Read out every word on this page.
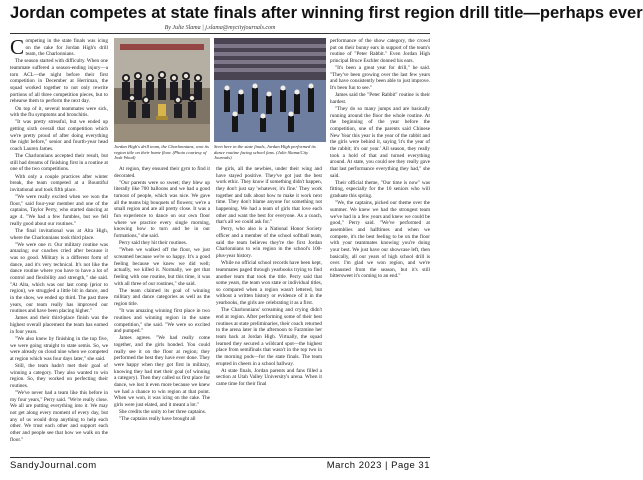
Jordan competes at state finals after winning first region drill title—perhaps ever
By Julie Slama | j.slama@mycityjournals.com

Competing in the state finals was icing on the cake for Jordan High's drill team, the Charlonnians.

The season started with difficulty. When one teammate suffered a season-ending injury—a torn ACL—the night before their first competition in December at Herriman, the squad worked together to not only rewrite portions of all three competition pieces, but to rehearse them to perform the next day.

On top of it, several teammates were sick, with the flu symptoms and bronchitis.

"It was pretty stressful, but we ended up getting sixth overall that competition which we're pretty proud of after doing everything the night before," senior and fourth-year head coach Lauren James.

The Charlonnians accepted their result, but still had dreams of finishing first in a routine at one of the two competitions.

With only a couple practices after winter break, the team competed at a Bountiful invitational and took fifth place.

"We were really excited when we won the floor," said four-year member and one of the captains, Taylor Perry, who started dancing at age 4. "We had a few fumbles, but we fell really good about our routines."

The final invitational was at Alta High, where the Charlonnians took third place.

"We were one rr. Our military routine was amazing; our coaches cried after because it was so good. Military is a different form of dance, and it's very technical. It's not like the dance routine where you have to have a lot of control and flexibility and strength," she said. "At Alta, which was our last comp (prior to region), we struggled a little bit in dance, and in the show, we ended up third. The past three years, our team really has improved our routines and have been placing higher."

James and their third-place finish was the highest overall placement the team has earned in four years.

"We also knew by finishing in the top five, we were going straight to state semis. So, we were already on cloud nine when we competed at region which was four days later," she said.

Still, the team hadn't met their goal of winning a category. They also wanted to win region. So, they worked on perfecting their routines.

"We've never had a team like this before in my four years," Perry said. "We're really close. We all are putting everything into it. We may not get along every moment of every day, but any of us would drop anything to help each other. We trust each other and support each other and people see that how we walk on the floor."

Jordan High's drill team, the Charlonnians, won its region title on their home floor. (Photo courtesy of Josh Wood)
Seen here in the state finals, Jordan High performed its dance routine facing school fans. (Julie Slama/City Journals)

At region, they ensured their gym to find it decorated.

"Our parents were so sweet; they blew up literally like 700 balloons and we had a good turnout of people, which was nice. We gave all the teams big bouquets of flowers; we're a small region and are all pretty close. It was a fun experience to dance on our own floor where we practice every single morning, knowing how to turn and be in our formations," she said.

Perry said they hit their routines.

"When we walked off the floor, we just screamed because we're so happy. It's a good feeling because we knew we did well; actually, we killed it. Normally, we get that feeling with one routine, but this time, it was with all three of our routines," she said.

The team claimed its goal of winning military and dance categories as well as the region title.

"It was amazing winning first place in two routines and winning region in the same competition," she said. "We were so excited and pumped."

James agrees. "We had really come together, and the girls bonded. You could really see it on the floor at region; they performed the best they have ever done. They were happy when they got first in military, knowing they had met their goal (of winning a category). Then they called us first place for dance, we lost it even more because we knew we had a chance to win region at that point. When we won, it was icing on the cake. The girls were just elated, and it meant a lot."

She credits the unity to her three captains.

"The captains really have brought all

the girls, all the newbies, under their wing and have stayed positive. They've got just the best work ethic. They know if something didn't happen, they don't just say 'whatever, it's fine.' They work together and talk about how to make it work next time. They don't blame anyone for something not happening. We had a team of girls that love each other and want the best for everyone. As a coach, that's all we could ask for."

Perry, who also is a National Honor Society officer and a member of the school softball team, said the team believes they're the first Jordan Charlonnians to win region in the school's 100-plus-year history.

While no official school records have been kept, teammates paged through yearbooks trying to find another team that took the title. Perry said that some years, the team won state or individual titles, so compared when a region wasn't lettered, but without a written history or evidence of it in the yearbooks, the girls are celebrating it as a first.

The Charlonnians' screaming and crying didn't end at region. After performing some of their best routines at state preliminaries, their coach returned to the arena later in the afternoon to Farzmine her team back at Jordan High. Virtually, the squad learned they secured a wildcard spot—the highest place from semifinals that wasn't in the top two in the morning pods—for the state finals. The team erupted in cheers in a school hallway.

At state finals, Jordan parents and fans filled a section at Utah Valley University's arena. When it came time for their final

performance of the show category, the crowd put on their bunny ears in support of the team's routine of "Peter Rabbit." Even Jordan High principal Bruce Eschler donned his ears.

"It's been a great year for drill," he said. "They've been growing over the last few years and have consistently been able to just improve. It's been fun to see."

James said the "Peter Rabbit" routine is their hardest.

"They do so many jumps and are basically running around the floor the whole routine. At the beginning of the year before the competition, one of the parents said Chinese New Year this year is the year of the rabbit and the girls were behind it, saying 'it's the year of the rabbit; it's our year.' All season, they really took a hold of that and turned everything around. At state, you could see they really gave that last performance everything they had," she said.

Their official theme, "Our time is now" was fitting, especially for the 10 seniors who will graduate this spring.

"We, the captains, picked our theme over the summer. We knew we had the strongest team we've had in a few years and knew we could be good," Perry said. "We've performed at assemblies and halftimes and when we compete, it's the best feeling to be on the floor with your teammates knowing you're doing your best. We just have our showcase left, then basically, all our years of high school drill is over. I'm glad we won region, and we're exhausted from the season, but it's still bittersweet it's coming to an end."

SandyJournal.com	March 2023 | Page 31
